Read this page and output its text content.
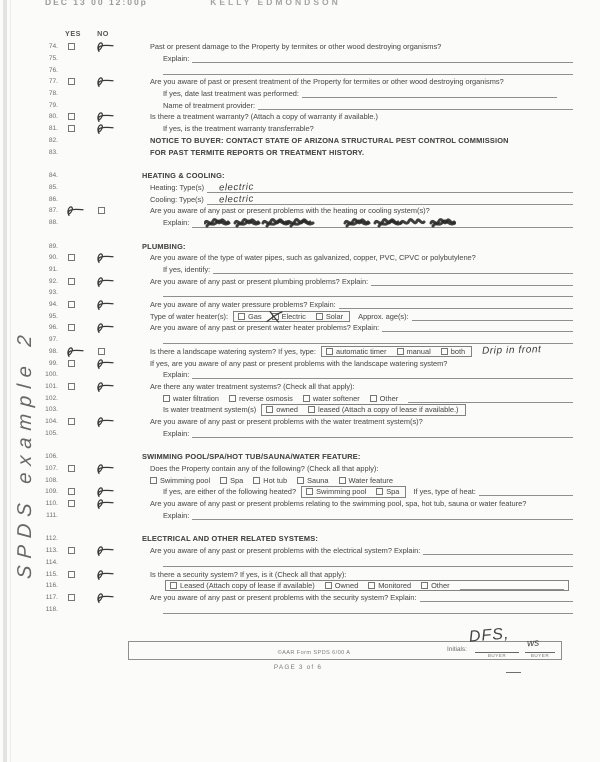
DEC 13 00 12:00p	KELLY EDMONDSON
SPDS example 2
YES	NO
74.	Past or present damage to the Property by termites or other wood destroying organisms?
75.	Explain:
76.
77.	Are you aware of past or present treatment of the Property for termites or other wood destroying organisms?
78.	If yes, date last treatment was performed:
79.	Name of treatment provider:
80.	Is there a treatment warranty? (Attach a copy of warranty if available.)
81.	If yes, is the treatment warranty transferrable?
82.	NOTICE TO BUYER: CONTACT STATE OF ARIZONA STRUCTURAL PEST CONTROL COMMISSION
83.	FOR PAST TERMITE REPORTS OR TREATMENT HISTORY.
84.	HEATING & COOLING:
85.	Heating: Type(s) electric
86.	Cooling: Type(s) electric
87.	Are you aware of any past or present problems with the heating or cooling system(s)?
88.	Explain:
89.	PLUMBING:
90.	Are you aware of the type of water pipes, such as galvanized, copper, PVC, CPVC or polybutylene?
91.	If yes, identify:
92.	Are you aware of any past or present plumbing problems? Explain:
93.
94.	Are you aware of any water pressure problems? Explain:
95.	Type of water heater(s):	Gas	Electric	Solar Approx. age(s):
96.	Are you aware of any past or present water heater problems? Explain:
97.
98.	Is there a landscape watering system? If yes, type:	automatic timer	manual	both Drip in front
99.	If yes, are you aware of any past or present problems with the landscape watering system?
100.	Explain:
101.	Are there any water treatment systems? (Check all that apply):
102.	water filtration	reverse osmosis	water softener	Other
103.	Is water treatment system(s)	owned	leased (Attach a copy of lease if available.)
104.	Are you aware of any past or present problems with the water treatment system(s)?
105.	Explain:
106.	SWIMMING POOL/SPA/HOT TUB/SAUNA/WATER FEATURE:
107.	Does the Property contain any of the following? (Check all that apply):
108.	Swimming pool	Spa	Hot tub	Sauna	Water feature
109.	If yes, are either of the following heated?	Swimming pool	Spa If yes, type of heat:
110.	Are you aware of any past or present problems relating to the swimming pool, spa, hot tub, sauna or water feature?
111.	Explain:
112.	ELECTRICAL AND OTHER RELATED SYSTEMS:
113.	Are you aware of any past or present problems with the electrical system? Explain:
114.
115.	Is there a security system? If yes, is it (Check all that apply):
116.	Leased (Attach copy of lease if available)	Owned	Monitored	Other
117.	Are you aware of any past or present problems with the security system? Explain:
118.
©AAR Form SPDS 6/00 A	Initials:
DFS, ws
BUYER	BUYER
PAGE 3 of 6
